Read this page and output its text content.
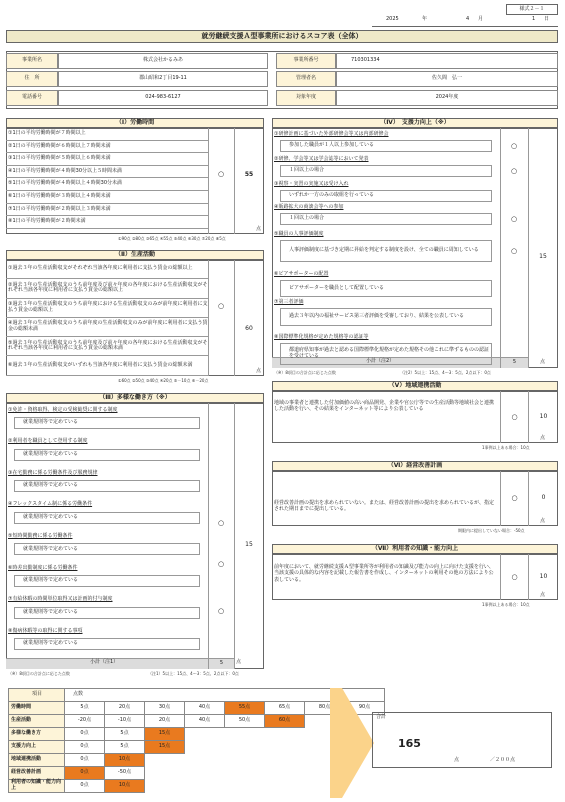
様式２－１
2025	年	4 月	1 日
就労継続支援Ａ型事業所におけるスコア表（全体）
事業所名	株式会社かるみあ
住　所	郡山昭和2丁目19-11
電話番号	024-983-6127
事業所番号	710301334
管理者名	佐久間　弘一
対象年度	2024年度
（Ⅰ）労働時間
○	55
点
①90点 ②80点 ③65点 ④55点 ⑤40点 ⑥30点 ⑦20点 ⑧5点
（Ⅱ）生産活動
○
60
点
①60点 ②50点 ③40点 ④20点 ⑤－10点 ⑥－20点
（Ⅲ）多様な働き方（※）
○
○
○
15
小計（注1）	5	点
（※）8項目の合計点に応じた点数	（注1）5以上：15点、4～3：5点、2点以下：0点
（Ⅳ）　支援力向上（※）
15
点
小計（注2）	5
（※）8項目の合計点に応じた点数	（注2）5以上：15点、4～3：5点、2点以下：0点
（Ⅴ）地域連携活動
地域の事業者と連携した付加価値の高い商品開発、企業や官公庁等での生産活動等地域社会と連携した活動を行い、その結果をインターネット等により公表している
○	10
点
1事例以上ある場合：10点
（Ⅵ）経営改善計画
経営改善計画の提出を求められていない。または、経営改善計画の提出を求められているが、指定された期日までに提出している。
○	0
点
期限内に提出していない場合：-50点
（Ⅶ）利用者の知識・能力向上
前年度において、就労継続支援Ａ型事業所等が利用者の知識及び能力の向上に向けた支援を行い、当該支援の具体的な内容を記載した報告書を作成し、インターネットの利用その他の方法により公表している。	○	10
点
1事例以上ある場合：10点
項目	点数							
労働時間	5点	20点	30点	40点	55点	65点	80点	90点
生産活動	-20点	-10点	20点	40点	50点	60点		
多様な働き方	0点	5点	15点					
支援力向上	0点	5点	15点					
地域連携活動	0点	10点						
経営改善計画	0点	-50点						
利用者の知識・能力向上	0点	10点						
合計
165
点	／２００点
①1日の平均労働時間が７時間以上
②1日の平均労働時間が６時間以上７時間未満
③1日の平均労働時間が５時間以上６時間未満
④1日の平均労働時間が４時間30分以上５時間未満
⑤1日の平均労働時間が４時間以上４時間30分未満
⑥1日の平均労働時間が３時間以上４時間未満
⑦1日の平均労働時間が２時間以上３時間未満
⑧1日の平均労働時間が２時間未満
①過去３年の生産活動収支がそれぞれ当該各年度に利用者に支払う賃金の総額以上
②過去３年の生産活動収支のうち前年度及び前々年度の各年度における生産活動収支がそれぞれ当該各年度に利用者に支払う賃金の総額以上
③過去３年の生産活動収支のうち前年度における生産活動収支のみが前年度に利用者に支払う賃金の総額以上
④過去３年の生産活動収支のうち前年度の生産活動収支のみが前年度に利用者に支払う賃金の総額未満
⑤過去３年の生産活動収支のうち前年度及び前々年度の各年度における生産活動収支がそれぞれ当該各年度に利用者に支払う賃金の総額未満
⑥過去３年の生産活動収支がいずれも当該各年度に利用者に支払う賃金の総額未満
①免許・資格取得、検定の受検勧奨に関する制度
就業規則等で定めている
②利用者を職員として登用する制度
就業規則等で定めている
③在宅勤務に係る労働条件及び服務規律
就業規則等で定めている
④フレックスタイム制に係る労働条件
就業規則等で定めている
⑤短時間勤務に係る労働条件
就業規則等で定めている
⑥時差出勤制度に係る労働条件
就業規則等で定めている
⑦有給休暇の時間単位取得又は計画的付与制度
就業規則等で定めている
⑧傷病休暇等の取得に関する事項
就業規則等で定めている
①研修計画に基づいた外部研修会等又は内部研修会
参加した職員が１人以上参加している	○
②研修、学会等又は学会誌等において発表
１回以上の場合	○
③視察・実習の実施又は受け入れ
いずれか一方のみの取組を行っている
④販路拡大の商談会等への参加
１回以上の場合	○
⑤職員の人事評価制度
人事評価制度に基づき定期に昇給を判定する制度を設け、全ての職員に周知している	○
⑥ピアサポーターの配置
ピアサポーターを職員として配置している
⑦第三者評価
過去３年以内の福祉サービス第三者評価を受審しており、結果を公表している
⑧国際標準化規格が定めた規格等の認証等
都道府県知事が過去と認める国際標準化規格が定めた規格その他これに準ずるものの認証を受けている
